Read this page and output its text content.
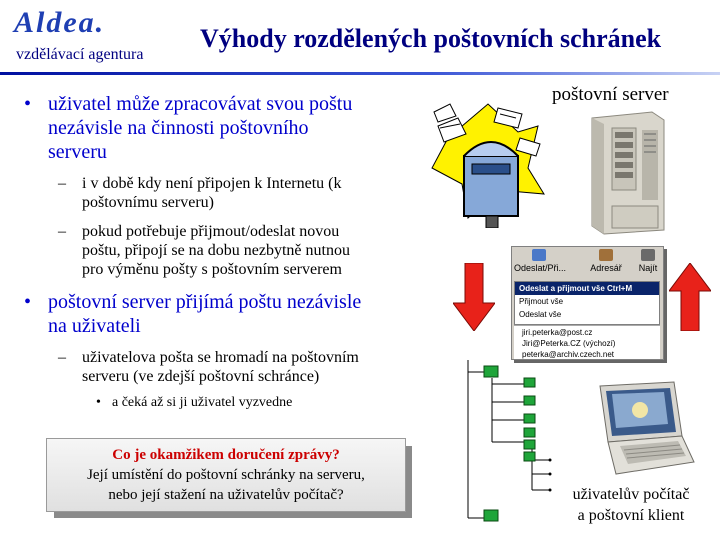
Aldea.
vzdělávací agentura
Výhody rozdělených poštovních schránek
• uživatel může zpracovávat svou poštu
nezávisle na činnosti poštovního
serveru
– i v době kdy není připojen k Internetu (k
poštovnímu serveru)
– pokud potřebuje přijmout/odeslat novou
poštu, připojí se na dobu nezbytně nutnou
pro výměnu pošty s poštovním serverem
• poštovní server přijímá poštu nezávisle
na uživateli
– uživatelova pošta se hromadí na poštovním
serveru (ve zdejší poštovní schránce)
• a čeká až si ji uživatel vyzvedne
Co je okamžikem doručení zprávy?
Její umístění do poštovní schránky na serveru,
nebo její stažení na uživatelův počítač?
poštovní server
Odeslat/Při...	Adresář	Najít
Odeslat a přijmout vše Ctrl+M
Přijmout vše
Odeslat vše
jiri.peterka@post.cz
Jiri@Peterka.CZ (výchozí)
peterka@archiv.czech.net
uživatelův počítač
a poštovní klient
